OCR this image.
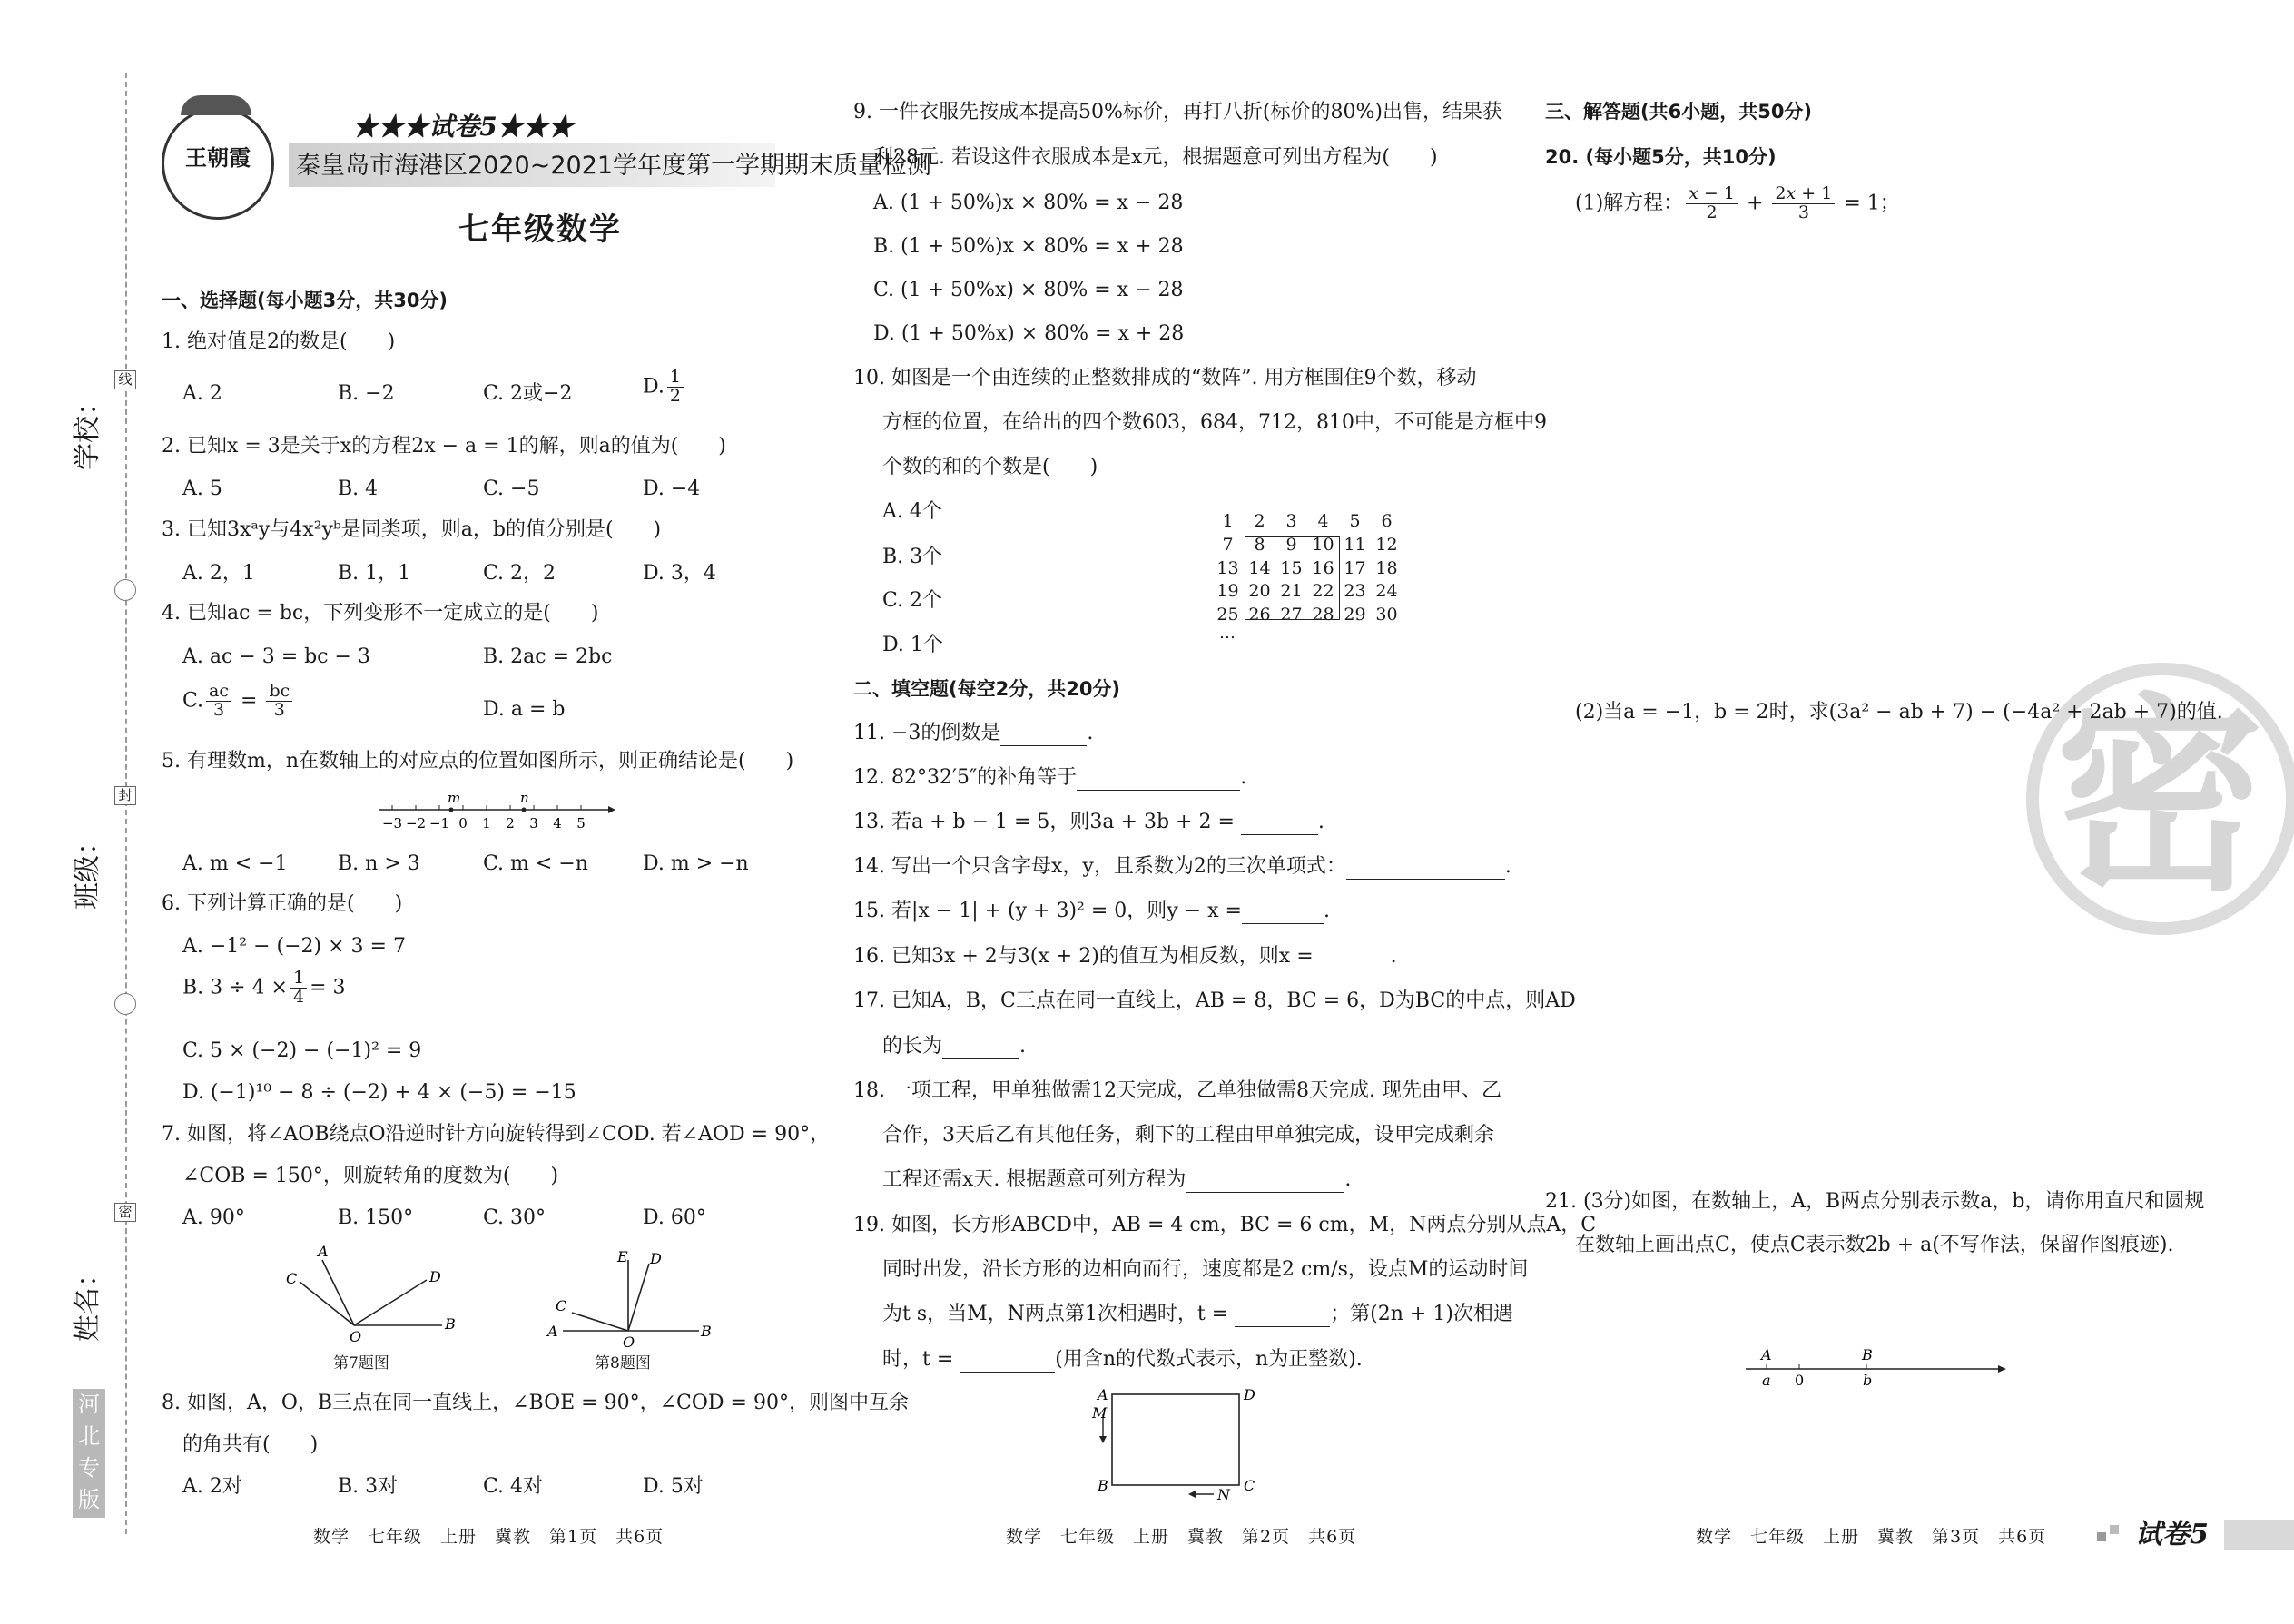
学校：
班级：
姓名：
线
封
密
河
北
专
版
王朝霞
★★★试卷5★★★
秦皇岛市海港区2020~2021学年度第一学期期末质量检测
七年级数学
一、选择题(每小题3分，共30分)
1. 绝对值是2的数是(　　)
A. 2	B. −2	C. 2或−2	D. $\frac{1}{2}$
2. 已知x = 3是关于x的方程2x − a = 1的解，则a的值为(　　)
A. 5	B. 4	C. −5	D. −4
3. 已知3xᵃy与4x²yᵇ是同类项，则a，b的值分别是(　　)
A. 2，1	B. 1，1	C. 2，2	D. 3，4
4. 已知ac = bc，下列变形不一定成立的是(　　)
A. ac − 3 = bc − 3	B. 2ac = 2bc
C. $\frac{ac}{3} = \frac{bc}{3}$	D. a = b
5. 有理数m，n在数轴上的对应点的位置如图所示，则正确结论是(　　)
m	n
−3 −2 −1 0 1 2 3 4 5
A. m < −1	B. n > 3	C. m < −n	D. m > −n
6. 下列计算正确的是(　　)
A. −1² − (−2) × 3 = 7
B. $3 \div 4 \times \frac{1}{4} = 3$
C. 5 × (−2) − (−1)² = 9
D. (−1)¹⁰ − 8 ÷ (−2) + 4 × (−5) = −15
7. 如图，将∠AOB绕点O沿逆时针方向旋转得到∠COD. 若∠AOD = 90°，
∠COB = 150°，则旋转角的度数为(　　)
A. 90°	B. 150°	C. 30°	D. 60°
A
C	D
B
O
第7题图
E D
C
A	B
O
第8题图
8. 如图，A，O，B三点在同一直线上，∠BOE = 90°，∠COD = 90°，则图中互余
的角共有(　　)
A. 2对	B. 3对	C. 4对	D. 5对
数学　七年级　上册　冀教　第1页　共6页
9. 一件衣服先按成本提高50%标价，再打八折(标价的80%)出售，结果获
利28元. 若设这件衣服成本是x元，根据题意可列出方程为(　　)
A. (1 + 50%)x × 80% = x − 28
B. (1 + 50%)x × 80% = x + 28
C. (1 + 50%x) × 80% = x − 28
D. (1 + 50%x) × 80% = x + 28
10. 如图是一个由连续的正整数排成的“数阵”. 用方框围住9个数，移动
方框的位置，在给出的四个数603，684，712，810中，不可能是方框中9
个数的和的个数是(　　)
A. 4个
B. 3个
C. 2个
D. 1个
1	2	3	4	5	6
7	8	9	10	11	12
13	14	15	16	17	18
19	20	21	22	23	24
25	26	27	28	29	30
…
二、填空题(每空2分，共20分)
11. −3的倒数是	.
12. 82°32′5″的补角等于	.
13. 若a + b − 1 = 5，则3a + 3b + 2 =	.
14. 写出一个只含字母x，y，且系数为2的三次单项式：	.
15. 若|x − 1| + (y + 3)² = 0，则y − x =	.
16. 已知3x + 2与3(x + 2)的值互为相反数，则x =	.
17. 已知A，B，C三点在同一直线上，AB = 8，BC = 6，D为BC的中点，则AD
的长为	.
18. 一项工程，甲单独做需12天完成，乙单独做需8天完成. 现先由甲、乙
合作，3天后乙有其他任务，剩下的工程由甲单独完成，设甲完成剩余
工程还需x天. 根据题意可列方程为	.
19. 如图，长方形ABCD中，AB = 4 cm，BC = 6 cm，M，N两点分别从点A，C
同时出发，沿长方形的边相向而行，速度都是2 cm/s，设点M的运动时间
为t s，当M，N两点第1次相遇时，t =	；第(2n + 1)次相遇
时，t =	(用含n的代数式表示，n为正整数).
A
M
D
B	C
N
数学　七年级　上册　冀教　第2页　共6页
三、解答题(共6小题，共50分)
20. (每小题5分，共10分)
(1)解方程： $\frac{x - 1}{2} + \frac{2x + 1}{3} = 1$；
密
(2)当a = −1，b = 2时，求(3a² − ab + 7) − (−4a² + 2ab + 7)的值.
21. (3分)如图，在数轴上，A，B两点分别表示数a，b，请你用直尺和圆规
在数轴上画出点C，使点C表示数2b + a(不写作法，保留作图痕迹).
A	B
a 0	b
数学　七年级　上册　冀教　第3页　共6页	试卷5
